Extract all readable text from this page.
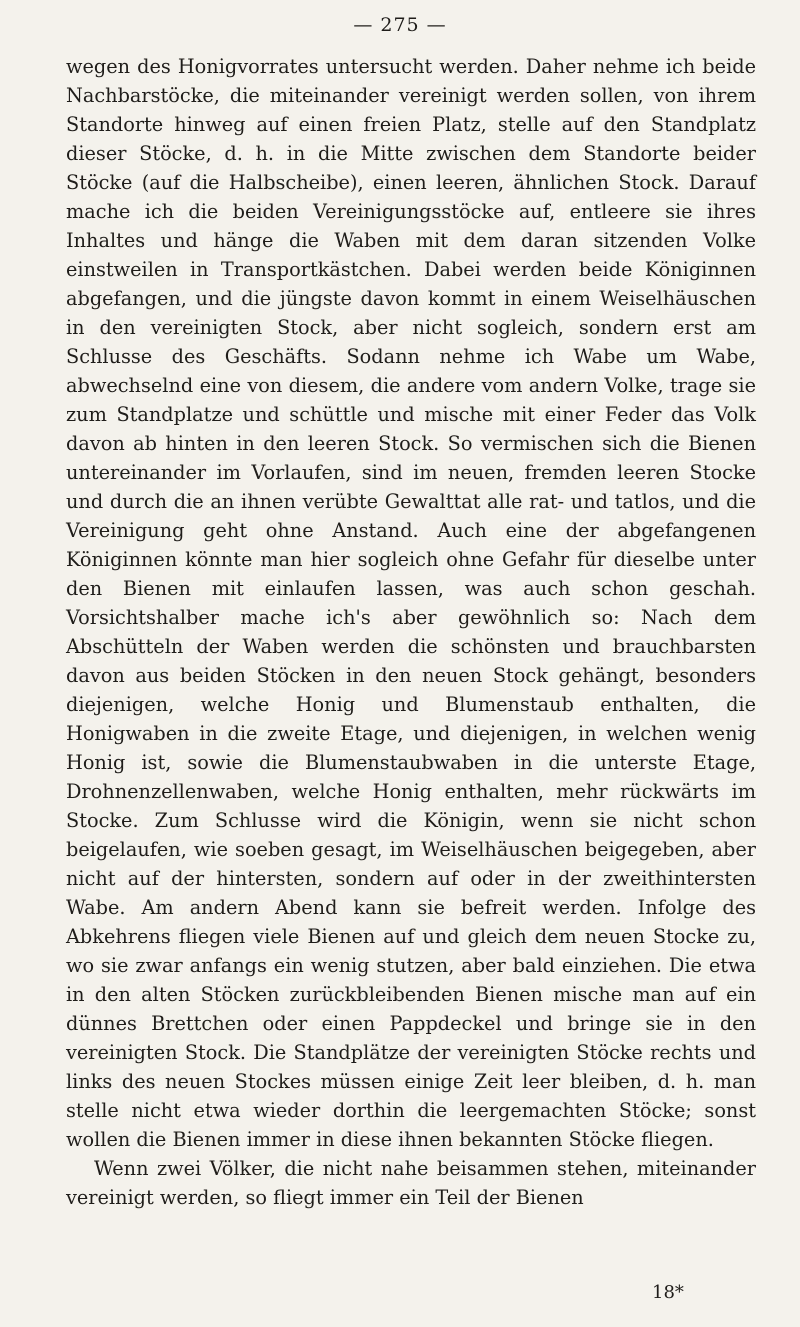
— 275 —

wegen des Honigvorrates untersucht werden. Daher nehme ich beide Nachbarstöcke, die miteinander vereinigt werden sollen, von ihrem Standorte hinweg auf einen freien Platz, stelle auf den Standplatz dieser Stöcke, d. h. in die Mitte zwischen dem Standorte beider Stöcke (auf die Halbscheibe), einen leeren, ähnlichen Stock. Darauf mache ich die beiden Vereinigungsstöcke auf, entleere sie ihres Inhaltes und hänge die Waben mit dem daran sitzenden Volke einstweilen in Transportkästchen. Dabei werden beide Königinnen abgefangen, und die jüngste davon kommt in einem Weiselhäuschen in den vereinigten Stock, aber nicht sogleich, sondern erst am Schlusse des Geschäfts. Sodann nehme ich Wabe um Wabe, abwechselnd eine von diesem, die andere vom andern Volke, trage sie zum Standplatze und schüttle und mische mit einer Feder das Volk davon ab hinten in den leeren Stock. So vermischen sich die Bienen untereinander im Vorlaufen, sind im neuen, fremden leeren Stocke und durch die an ihnen verübte Gewalttat alle rat- und tatlos, und die Vereinigung geht ohne Anstand. Auch eine der abgefangenen Königinnen könnte man hier sogleich ohne Gefahr für dieselbe unter den Bienen mit einlaufen lassen, was auch schon geschah. Vorsichtshalber mache ich's aber gewöhnlich so: Nach dem Abschütteln der Waben werden die schönsten und brauchbarsten davon aus beiden Stöcken in den neuen Stock gehängt, besonders diejenigen, welche Honig und Blumenstaub enthalten, die Honigwaben in die zweite Etage, und diejenigen, in welchen wenig Honig ist, sowie die Blumenstaubwaben in die unterste Etage, Drohnenzellenwaben, welche Honig enthalten, mehr rückwärts im Stocke. Zum Schlusse wird die Königin, wenn sie nicht schon beigelaufen, wie soeben gesagt, im Weiselhäuschen beigegeben, aber nicht auf der hintersten, sondern auf oder in der zweithintersten Wabe. Am andern Abend kann sie befreit werden. Infolge des Abkehrens fliegen viele Bienen auf und gleich dem neuen Stocke zu, wo sie zwar anfangs ein wenig stutzen, aber bald einziehen. Die etwa in den alten Stöcken zurückbleibenden Bienen mische man auf ein dünnes Brettchen oder einen Pappdeckel und bringe sie in den vereinigten Stock. Die Standplätze der vereinigten Stöcke rechts und links des neuen Stockes müssen einige Zeit leer bleiben, d. h. man stelle nicht etwa wieder dorthin die leergemachten Stöcke; sonst wollen die Bienen immer in diese ihnen bekannten Stöcke fliegen.

Wenn zwei Völker, die nicht nahe beisammen stehen, miteinander vereinigt werden, so fliegt immer ein Teil der Bienen

18*
